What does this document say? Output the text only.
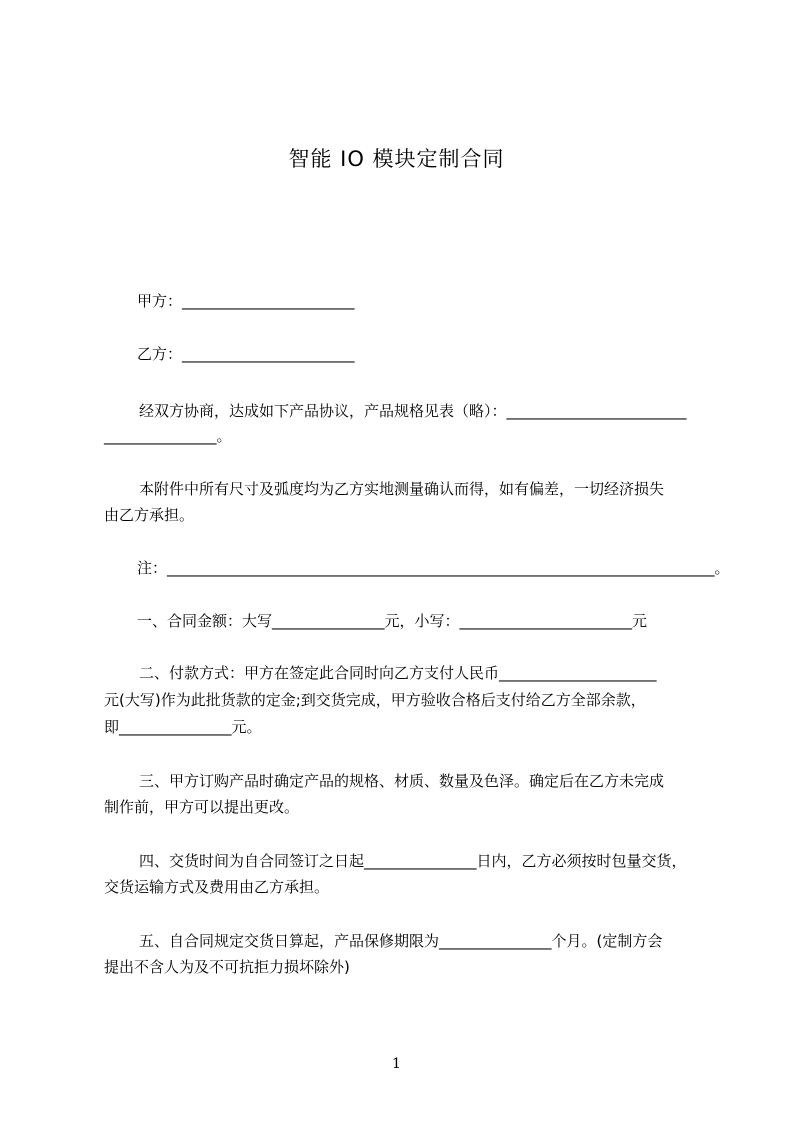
智能 IO 模块定制合同
甲方：_______________________
乙方：_______________________
经双方协商，达成如下产品协议，产品规格见表（略）：________________________
_______________。
本附件中所有尺寸及弧度均为乙方实地测量确认而得，如有偏差，一切经济损失
由乙方承担。
注：_________________________________________________________________________。
一、合同金额：大写_______________元，小写：_______________________元
二、付款方式：甲方在签定此合同时向乙方支付人民币_____________________
元(大写)作为此批货款的定金;到交货完成，甲方验收合格后支付给乙方全部余款，
即_______________元。
三、甲方订购产品时确定产品的规格、材质、数量及色泽。确定后在乙方未完成
制作前，甲方可以提出更改。
四、交货时间为自合同签订之日起_______________日内，乙方必须按时包量交货，
交货运输方式及费用由乙方承担。
五、自合同规定交货日算起，产品保修期限为_______________个月。(定制方会
提出不含人为及不可抗拒力损坏除外)
1
